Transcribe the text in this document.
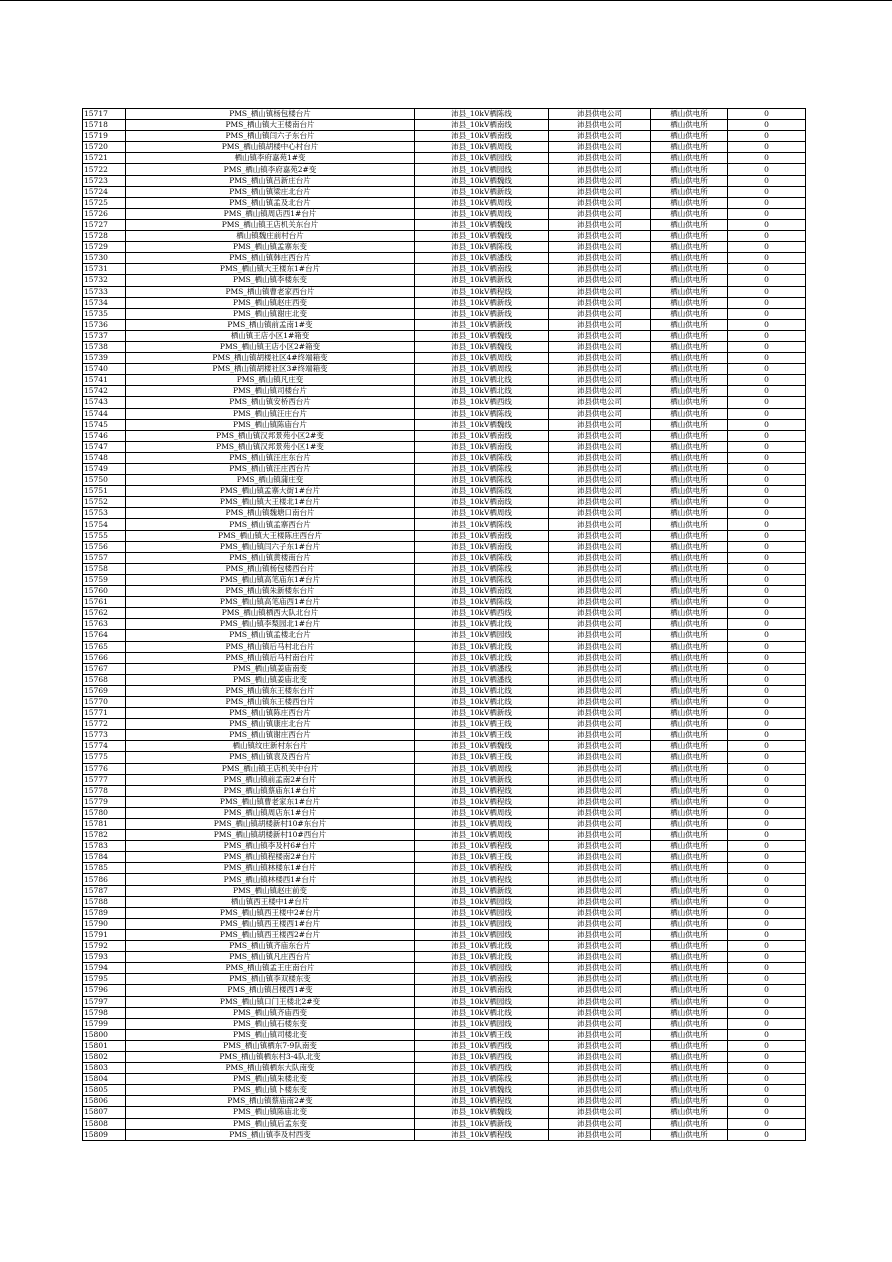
15717	PMS_栖山镇杨包楼台片	沛县_10kV栖陈线	沛县供电公司	栖山供电所	0
15718	PMS_栖山镇大王楼南台片	沛县_10kV栖南线	沛县供电公司	栖山供电所	0
15719	PMS_栖山镇闫六子东台片	沛县_10kV栖南线	沛县供电公司	栖山供电所	0
15720	PMS_栖山镇胡楼中心村台片	沛县_10kV栖周线	沛县供电公司	栖山供电所	0
15721	栖山镇李府嘉苑1#变	沛县_10kV栖园线	沛县供电公司	栖山供电所	0
15722	PMS_栖山镇李府嘉苑2#变	沛县_10kV栖园线	沛县供电公司	栖山供电所	0
15723	PMS_栖山镇吕新庄台片	沛县_10kV栖魏线	沛县供电公司	栖山供电所	0
15724	PMS_栖山镇梁庄北台片	沛县_10kV栖新线	沛县供电公司	栖山供电所	0
15725	PMS_栖山镇孟及北台片	沛县_10kV栖周线	沛县供电公司	栖山供电所	0
15726	PMS_栖山镇周店西1#台片	沛县_10kV栖周线	沛县供电公司	栖山供电所	0
15727	PMS_栖山镇王店机关东台片	沛县_10kV栖魏线	沛县供电公司	栖山供电所	0
15728	栖山镇魏庄前村台片	沛县_10kV栖魏线	沛县供电公司	栖山供电所	0
15729	PMS_栖山镇孟寨东变	沛县_10kV栖陈线	沛县供电公司	栖山供电所	0
15730	PMS_栖山镇韩庄西台片	沛县_10kV栖潘线	沛县供电公司	栖山供电所	0
15731	PMS_栖山镇大王楼东1#台片	沛县_10kV栖南线	沛县供电公司	栖山供电所	0
15732	PMS_栖山镇李楼东变	沛县_10kV栖新线	沛县供电公司	栖山供电所	0
15733	PMS_栖山镇曹老家西台片	沛县_10kV栖程线	沛县供电公司	栖山供电所	0
15734	PMS_栖山镇赵庄西变	沛县_10kV栖新线	沛县供电公司	栖山供电所	0
15735	PMS_栖山镇谢庄北变	沛县_10kV栖新线	沛县供电公司	栖山供电所	0
15736	PMS_栖山镇前孟南1#变	沛县_10kV栖新线	沛县供电公司	栖山供电所	0
15737	栖山镇王店小区1#箱变	沛县_10kV栖魏线	沛县供电公司	栖山供电所	0
15738	PMS_栖山镇王店小区2#箱变	沛县_10kV栖魏线	沛县供电公司	栖山供电所	0
15739	PMS_栖山镇胡楼社区4#终端箱变	沛县_10kV栖周线	沛县供电公司	栖山供电所	0
15740	PMS_栖山镇胡楼社区3#终端箱变	沛县_10kV栖周线	沛县供电公司	栖山供电所	0
15741	PMS_栖山镇凡庄变	沛县_10kV栖北线	沛县供电公司	栖山供电所	0
15742	PMS_栖山镇司楼台片	沛县_10kV栖北线	沛县供电公司	栖山供电所	0
15743	PMS_栖山镇安桥西台片	沛县_10kV栖西线	沛县供电公司	栖山供电所	0
15744	PMS_栖山镇汪庄台片	沛县_10kV栖陈线	沛县供电公司	栖山供电所	0
15745	PMS_栖山镇陈庙台片	沛县_10kV栖魏线	沛县供电公司	栖山供电所	0
15746	PMS_栖山镇汉邦景苑小区2#变	沛县_10kV栖南线	沛县供电公司	栖山供电所	0
15747	PMS_栖山镇汉邦景苑小区1#变	沛县_10kV栖南线	沛县供电公司	栖山供电所	0
15748	PMS_栖山镇汪庄东台片	沛县_10kV栖陈线	沛县供电公司	栖山供电所	0
15749	PMS_栖山镇汪庄西台片	沛县_10kV栖陈线	沛县供电公司	栖山供电所	0
15750	PMS_栖山镇蒲庄变	沛县_10kV栖陈线	沛县供电公司	栖山供电所	0
15751	PMS_栖山镇孟寨大街1#台片	沛县_10kV栖陈线	沛县供电公司	栖山供电所	0
15752	PMS_栖山镇大王楼北1#台片	沛县_10kV栖南线	沛县供电公司	栖山供电所	0
15753	PMS_栖山镇魏塘口南台片	沛县_10kV栖周线	沛县供电公司	栖山供电所	0
15754	PMS_栖山镇孟寨西台片	沛县_10kV栖陈线	沛县供电公司	栖山供电所	0
15755	PMS_栖山镇大王楼陈庄西台片	沛县_10kV栖南线	沛县供电公司	栖山供电所	0
15756	PMS_栖山镇闫六子东1#台片	沛县_10kV栖南线	沛县供电公司	栖山供电所	0
15757	PMS_栖山镇黄楼南台片	沛县_10kV栖陈线	沛县供电公司	栖山供电所	0
15758	PMS_栖山镇杨包楼西台片	沛县_10kV栖陈线	沛县供电公司	栖山供电所	0
15759	PMS_栖山镇高笔庙东1#台片	沛县_10kV栖陈线	沛县供电公司	栖山供电所	0
15760	PMS_栖山镇朱新楼东台片	沛县_10kV栖南线	沛县供电公司	栖山供电所	0
15761	PMS_栖山镇高笔庙西1#台片	沛县_10kV栖陈线	沛县供电公司	栖山供电所	0
15762	PMS_栖山镇栖西大队北台片	沛县_10kV栖西线	沛县供电公司	栖山供电所	0
15763	PMS_栖山镇李梨园北1#台片	沛县_10kV栖北线	沛县供电公司	栖山供电所	0
15764	PMS_栖山镇孟楼北台片	沛县_10kV栖园线	沛县供电公司	栖山供电所	0
15765	PMS_栖山镇后马村北台片	沛县_10kV栖北线	沛县供电公司	栖山供电所	0
15766	PMS_栖山镇后马村南台片	沛县_10kV栖北线	沛县供电公司	栖山供电所	0
15767	PMS_栖山镇姜庙南变	沛县_10kV栖潘线	沛县供电公司	栖山供电所	0
15768	PMS_栖山镇姜庙北变	沛县_10kV栖潘线	沛县供电公司	栖山供电所	0
15769	PMS_栖山镇东王楼东台片	沛县_10kV栖北线	沛县供电公司	栖山供电所	0
15770	PMS_栖山镇东王楼西台片	沛县_10kV栖北线	沛县供电公司	栖山供电所	0
15771	PMS_栖山镇陈庄西台片	沛县_10kV栖新线	沛县供电公司	栖山供电所	0
15772	PMS_栖山镇康庄北台片	沛县_10kV栖王线	沛县供电公司	栖山供电所	0
15773	PMS_栖山镇谢庄西台片	沛县_10kV栖王线	沛县供电公司	栖山供电所	0
15774	栖山镇纹庄新村东台片	沛县_10kV栖魏线	沛县供电公司	栖山供电所	0
15775	PMS_栖山镇袁及西台片	沛县_10kV栖王线	沛县供电公司	栖山供电所	0
15776	PMS_栖山镇王店机关中台片	沛县_10kV栖周线	沛县供电公司	栖山供电所	0
15777	PMS_栖山镇前孟南2#台片	沛县_10kV栖新线	沛县供电公司	栖山供电所	0
15778	PMS_栖山镇蔡庙东1#台片	沛县_10kV栖程线	沛县供电公司	栖山供电所	0
15779	PMS_栖山镇曹老家东1#台片	沛县_10kV栖程线	沛县供电公司	栖山供电所	0
15780	PMS_栖山镇周店东1#台片	沛县_10kV栖周线	沛县供电公司	栖山供电所	0
15781	PMS_栖山镇胡楼新村10#东台片	沛县_10kV栖周线	沛县供电公司	栖山供电所	0
15782	PMS_栖山镇胡楼新村10#西台片	沛县_10kV栖周线	沛县供电公司	栖山供电所	0
15783	PMS_栖山镇李及村6#台片	沛县_10kV栖程线	沛县供电公司	栖山供电所	0
15784	PMS_栖山镇程楼南2#台片	沛县_10kV栖王线	沛县供电公司	栖山供电所	0
15785	PMS_栖山镇林楼东1#台片	沛县_10kV栖程线	沛县供电公司	栖山供电所	0
15786	PMS_栖山镇林楼西1#台片	沛县_10kV栖程线	沛县供电公司	栖山供电所	0
15787	PMS_栖山镇赵庄前变	沛县_10kV栖新线	沛县供电公司	栖山供电所	0
15788	栖山镇西王楼中1#台片	沛县_10kV栖园线	沛县供电公司	栖山供电所	0
15789	PMS_栖山镇西王楼中2#台片	沛县_10kV栖园线	沛县供电公司	栖山供电所	0
15790	PMS_栖山镇西王楼西1#台片	沛县_10kV栖园线	沛县供电公司	栖山供电所	0
15791	PMS_栖山镇西王楼西2#台片	沛县_10kV栖园线	沛县供电公司	栖山供电所	0
15792	PMS_栖山镇齐庙东台片	沛县_10kV栖北线	沛县供电公司	栖山供电所	0
15793	PMS_栖山镇凡庄西台片	沛县_10kV栖北线	沛县供电公司	栖山供电所	0
15794	PMS_栖山镇孟王庄南台片	沛县_10kV栖园线	沛县供电公司	栖山供电所	0
15795	PMS_栖山镇李双楼东变	沛县_10kV栖南线	沛县供电公司	栖山供电所	0
15796	PMS_栖山镇吕楼西1#变	沛县_10kV栖南线	沛县供电公司	栖山供电所	0
15797	PMS_栖山镇口门王楼北2#变	沛县_10kV栖园线	沛县供电公司	栖山供电所	0
15798	PMS_栖山镇齐庙西变	沛县_10kV栖北线	沛县供电公司	栖山供电所	0
15799	PMS_栖山镇石楼东变	沛县_10kV栖园线	沛县供电公司	栖山供电所	0
15800	PMS_栖山镇司楼北变	沛县_10kV栖王线	沛县供电公司	栖山供电所	0
15801	PMS_栖山镇栖东7-9队南变	沛县_10kV栖西线	沛县供电公司	栖山供电所	0
15802	PMS_栖山镇栖东村3-4队北变	沛县_10kV栖西线	沛县供电公司	栖山供电所	0
15803	PMS_栖山镇栖东大队南变	沛县_10kV栖西线	沛县供电公司	栖山供电所	0
15804	PMS_栖山镇朱楼北变	沛县_10kV栖陈线	沛县供电公司	栖山供电所	0
15805	PMS_栖山镇卜楼东变	沛县_10kV栖魏线	沛县供电公司	栖山供电所	0
15806	PMS_栖山镇蔡庙南2#变	沛县_10kV栖程线	沛县供电公司	栖山供电所	0
15807	PMS_栖山镇陈庙北变	沛县_10kV栖魏线	沛县供电公司	栖山供电所	0
15808	PMS_栖山镇后孟东变	沛县_10kV栖新线	沛县供电公司	栖山供电所	0
15809	PMS_栖山镇李及村西变	沛县_10kV栖程线	沛县供电公司	栖山供电所	0
